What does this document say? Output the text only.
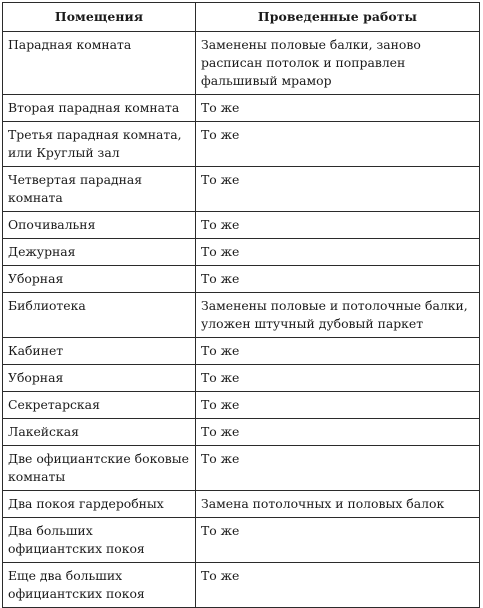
Помещения	Проведенные работы
Парадная комната	Заменены половые балки, заново расписан потолок и поправлен фальшивый мрамор
Вторая парадная комната	То же
Третья парадная комната, или Круглый зал	То же
Четвертая парадная комната	То же
Опочивальня	То же
Дежурная	То же
Уборная	То же
Библиотека	Заменены половые и потолочные балки, уложен штучный дубовый паркет
Кабинет	То же
Уборная	То же
Секретарская	То же
Лакейская	То же
Две официантские боковые комнаты	То же
Два покоя гардеробных	Замена потолочных и половых балок
Два больших официантских покоя	То же
Еще два больших официантских покоя	То же
